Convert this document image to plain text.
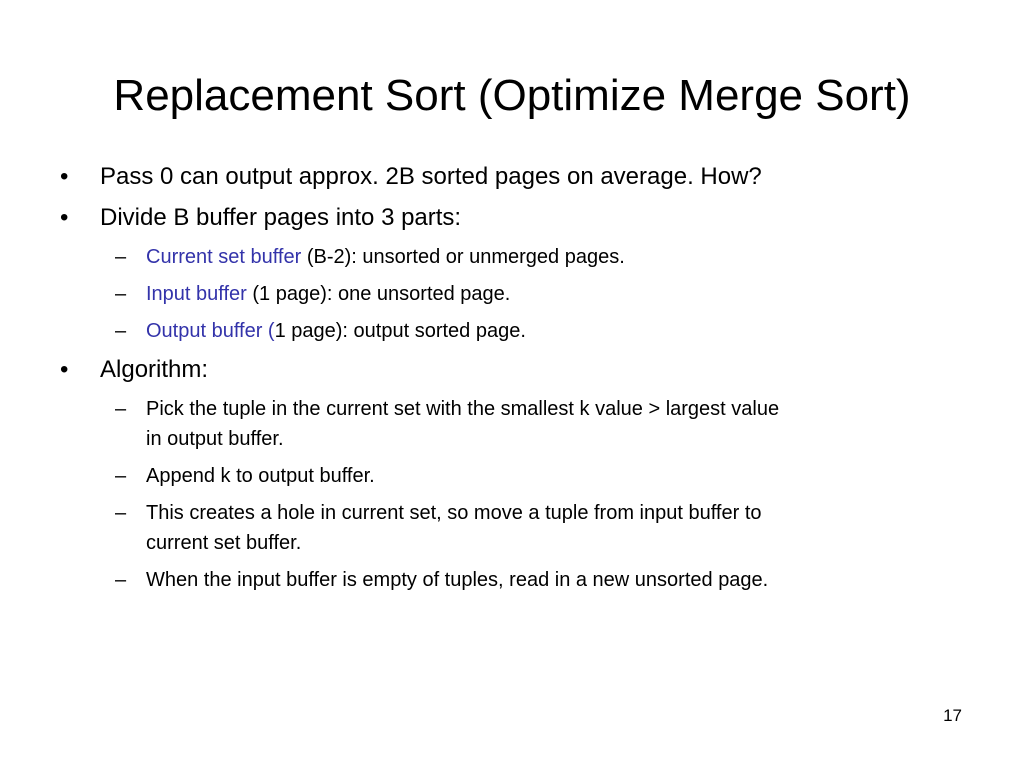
Replacement Sort (Optimize Merge Sort)
• Pass 0 can output approx. 2B sorted pages on average. How?
• Divide B buffer pages into 3 parts:
– Current set buffer (B-2): unsorted or unmerged pages.
– Input buffer (1 page): one unsorted page.
– Output buffer (1 page): output sorted page.
• Algorithm:
– Pick the tuple in the current set with the smallest k value > largest value
in output buffer.
– Append k to output buffer.
– This creates a hole in current set, so move a tuple from input buffer to
current set buffer.
– When the input buffer is empty of tuples, read in a new unsorted page.
17
